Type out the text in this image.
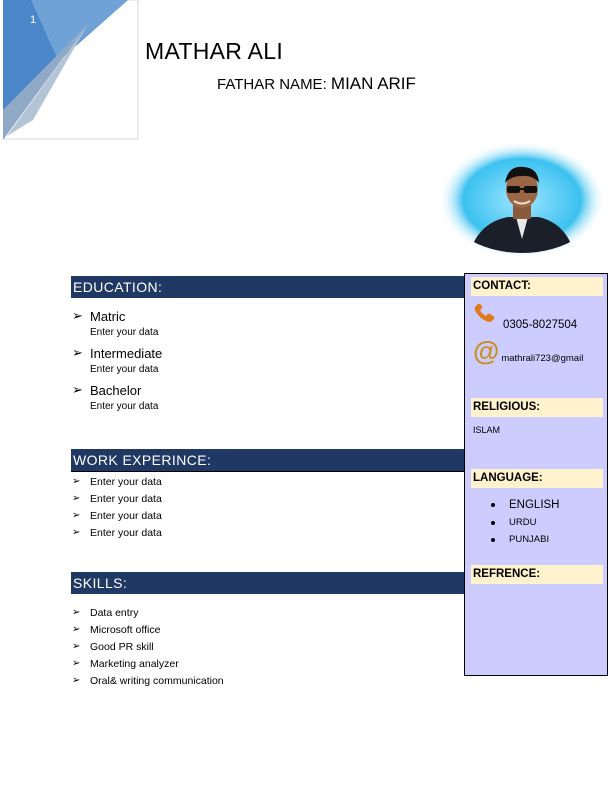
1
MATHAR ALI
FATHAR NAME: MIAN ARIF
EDUCATION:
➢ Matric
Enter your data
➢ Intermediate
Enter your data
➢ Bachelor
Enter your data
WORK EXPERINCE:
➢ Enter your data
➢ Enter your data
➢ Enter your data
➢ Enter your data
SKILLS:
➢ Data entry
➢ Microsoft office
➢ Good PR skill
➢ Marketing analyzer
➢ Oral& writing communication
CONTACT:
0305-8027504
@ mathrali723@gmail
RELIGIOUS:
ISLAM
LANGUAGE:
ENGLISH
URDU
PUNJABI
REFRENCE:
